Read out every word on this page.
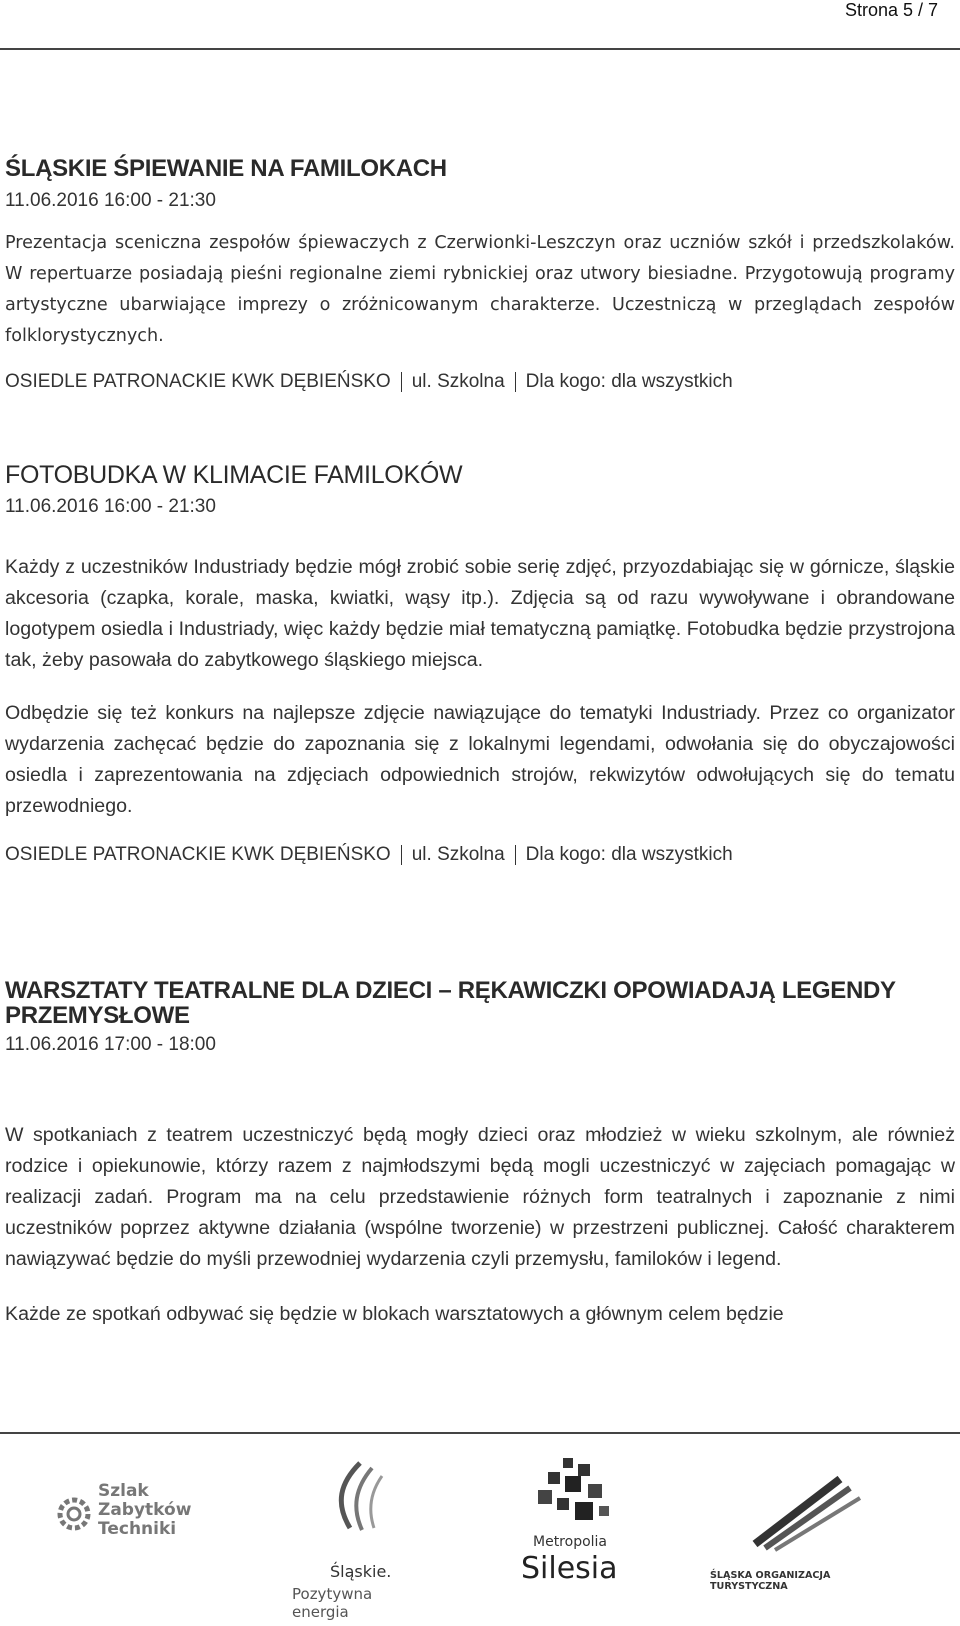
Strona 5 / 7
ŚLĄSKIE ŚPIEWANIE NA FAMILOKACH

11.06.2016 16:00 - 21:30

Prezentacja sceniczna zespołów śpiewaczych z Czerwionki-Leszczyn oraz uczniów szkół i przedszkolaków. W repertuarze posiadają pieśni regionalne ziemi rybnickiej oraz utwory biesiadne. Przygotowują programy artystyczne ubarwiające imprezy o zróżnicowanym charakterze. Uczestniczą w przeglądach zespołów folklorystycznych.

OSIEDLE PATRONACKIE KWK DĘBIEŃSKO ul. Szkolna Dla kogo: dla wszystkich

FOTOBUDKA W KLIMACIE FAMILOKÓW

11.06.2016 16:00 - 21:30

Każdy z uczestników Industriady będzie mógł zrobić sobie serię zdjęć, przyozdabiając się w górnicze, śląskie akcesoria (czapka, korale, maska, kwiatki, wąsy itp.). Zdjęcia są od razu wywoływane i obrandowane logotypem osiedla i Industriady, więc każdy będzie miał tematyczną pamiątkę. Fotobudka będzie przystrojona tak, żeby pasowała do zabytkowego śląskiego miejsca.

Odbędzie się też konkurs na najlepsze zdjęcie nawiązujące do tematyki Industriady. Przez co organizator wydarzenia zachęcać będzie do zapoznania się z lokalnymi legendami, odwołania się do obyczajowości osiedla i zaprezentowania na zdjęciach odpowiednich strojów, rekwizytów odwołujących się do tematu przewodniego.

OSIEDLE PATRONACKIE KWK DĘBIEŃSKO ul. Szkolna Dla kogo: dla wszystkich

WARSZTATY TEATRALNE DLA DZIECI – RĘKAWICZKI OPOWIADAJĄ LEGENDY PRZEMYSŁOWE

11.06.2016 17:00 - 18:00

W spotkaniach z teatrem uczestniczyć będą mogły dzieci oraz młodzież w wieku szkolnym, ale również rodzice i opiekunowie, którzy razem z najmłodszymi będą mogli uczestniczyć w zajęciach pomagając w realizacji zadań. Program ma na celu przedstawienie różnych form teatralnych i zapoznanie z nimi uczestników poprzez aktywne działania (wspólne tworzenie) w przestrzeni publicznej. Całość charakterem nawiązywać będzie do myśli przewodniej wydarzenia czyli przemysłu, familoków i legend.

Każde ze spotkań odbywać się będzie w blokach warsztatowych a głównym celem będzie

Szlak
Zabytków
Techniki
Śląskie.
Pozytywna energia
Metropolia
Silesia	ŚLĄSKA ORGANIZACJA TURYSTYCZNA
